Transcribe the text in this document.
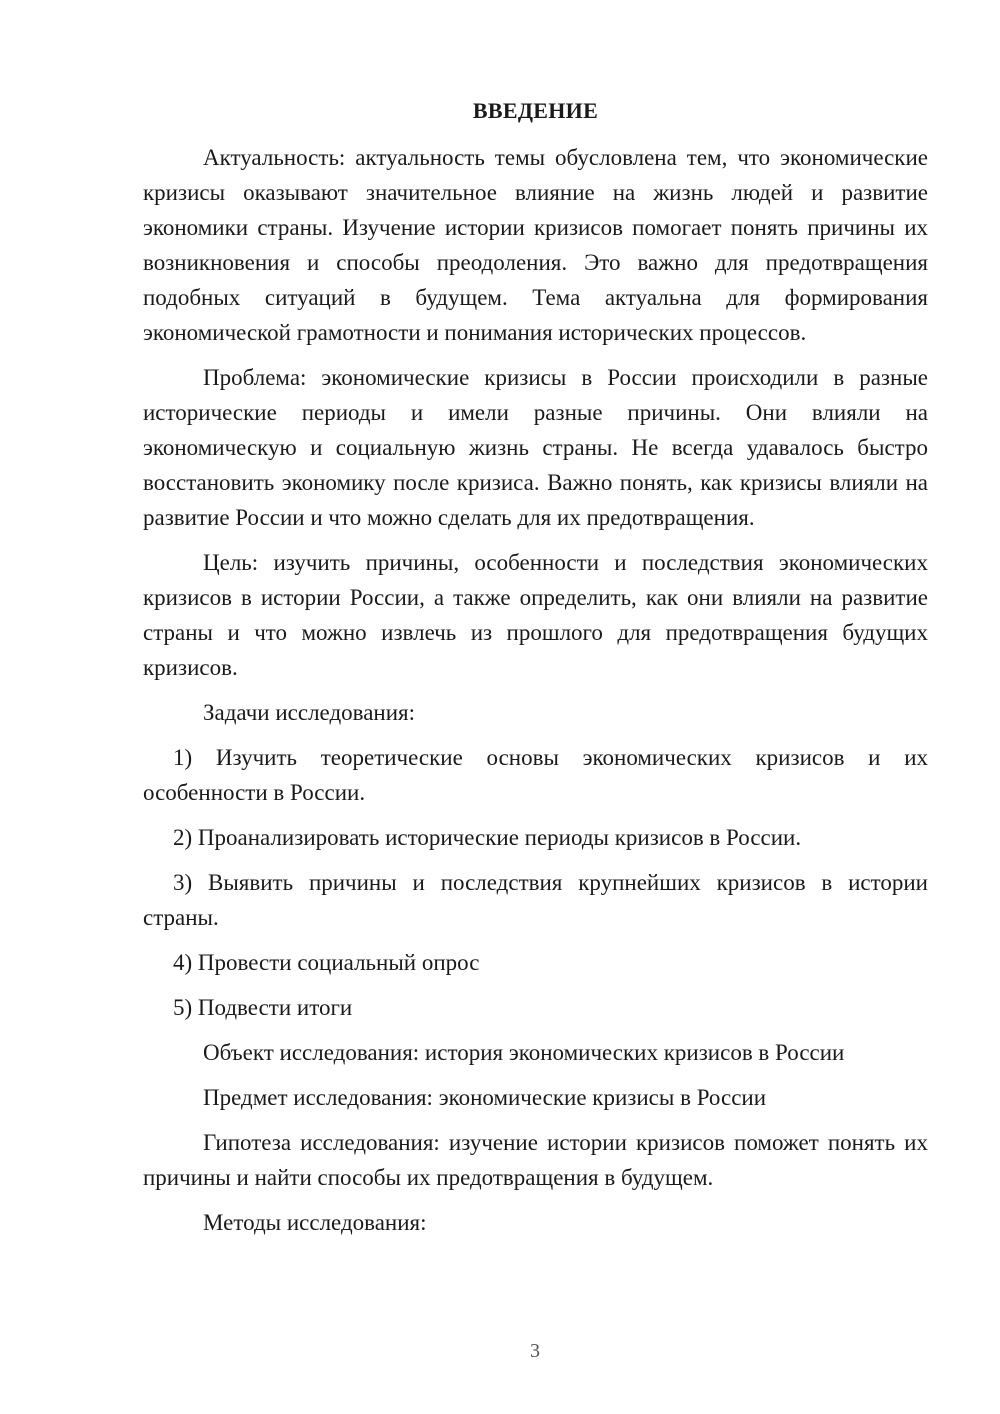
ВВЕДЕНИЕ

Актуальность: актуальность темы обусловлена тем, что экономические кризисы оказывают значительное влияние на жизнь людей и развитие экономики страны. Изучение истории кризисов помогает понять причины их возникновения и способы преодоления. Это важно для предотвращения подобных ситуаций в будущем. Тема актуальна для формирования экономической грамотности и понимания исторических процессов.

Проблема: экономические кризисы в России происходили в разные исторические периоды и имели разные причины. Они влияли на экономическую и социальную жизнь страны. Не всегда удавалось быстро восстановить экономику после кризиса. Важно понять, как кризисы влияли на развитие России и что можно сделать для их предотвращения.

Цель: изучить причины, особенности и последствия экономических кризисов в истории России, а также определить, как они влияли на развитие страны и что можно извлечь из прошлого для предотвращения будущих кризисов.

Задачи исследования:

1) Изучить теоретические основы экономических кризисов и их особенности в России.

2) Проанализировать исторические периоды кризисов в России.

3) Выявить причины и последствия крупнейших кризисов в истории страны.

4) Провести социальный опрос

5) Подвести итоги

Объект исследования: история экономических кризисов в России

Предмет исследования: экономические кризисы в России

Гипотеза исследования: изучение истории кризисов поможет понять их причины и найти способы их предотвращения в будущем.

Методы исследования:

3
